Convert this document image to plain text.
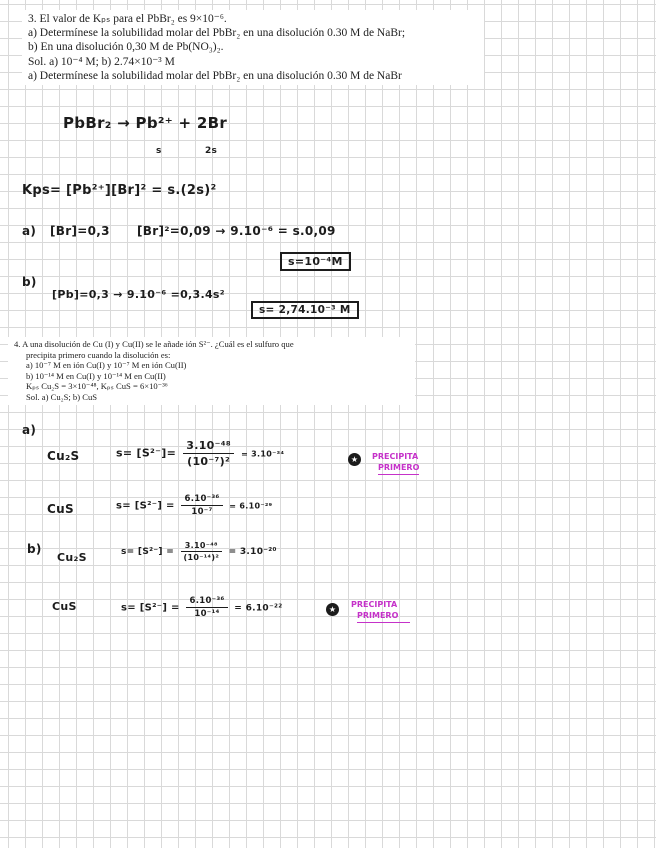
3. El valor de Kₚₛ para el PbBr₂ es 9×10⁻⁶.
a) Determínese la solubilidad molar del PbBr₂ en una disolución 0.30 M de NaBr;
b) En una disolución 0,30 M de Pb(NO₃)₂.
Sol. a) 10⁻⁴ M; b) 2.74×10⁻³ M
a) Determínese la solubilidad molar del PbBr₂ en una disolución 0.30 M de NaBr
PbBr₂ → Pb²⁺ + 2Br
s	2s
Kps= [Pb²⁺][Br]² = s.(2s)²
a) [Br]=0,3 [Br]²=0,09 → 9.10⁻⁶ = s.0,09
s=10⁻⁴M
b)
[Pb]=0,3 → 9.10⁻⁶ =0,3.4s²
s= 2,74.10⁻³ M
4. A una disolución de Cu (I) y Cu(II) se le añade ión S²⁻. ¿Cuál es el sulfuro que
precipita primero cuando la disolución es:
a) 10⁻⁷ M en ión Cu(I) y 10⁻⁷ M en ión Cu(II)
b) 10⁻¹⁴ M en Cu(I) y 10⁻¹⁴ M en Cu(II)
Kₚₛ Cu₂S = 3×10⁻⁴⁸, Kₚₛ CuS = 6×10⁻³⁶
Sol. a) Cu₂S; b) CuS
a)
Cu₂S	$s= [S^{2-}]= \frac{\text{3.10⁻⁴⁸}}{\text{(10⁻⁷)²}} = 3.10^{-34}$
★	PRECIPITA
PRIMERO
CuS	$s= [S^{2-}] = \frac{\text{6.10⁻³⁶}}{\text{10⁻⁷}} = 6.10^{-29}$
b)
Cu₂S	$s= [S^{2-}] = \frac{\text{3.10⁻⁴⁸}}{\text{(10⁻¹⁴)²}} = 3.10^{-20}$
CuS	$s= [S^{2-}] = \frac{\text{6.10⁻³⁶}}{\text{10⁻¹⁴}} = 6.10^{-22}$	★
PRECIPITA
PRIMERO
